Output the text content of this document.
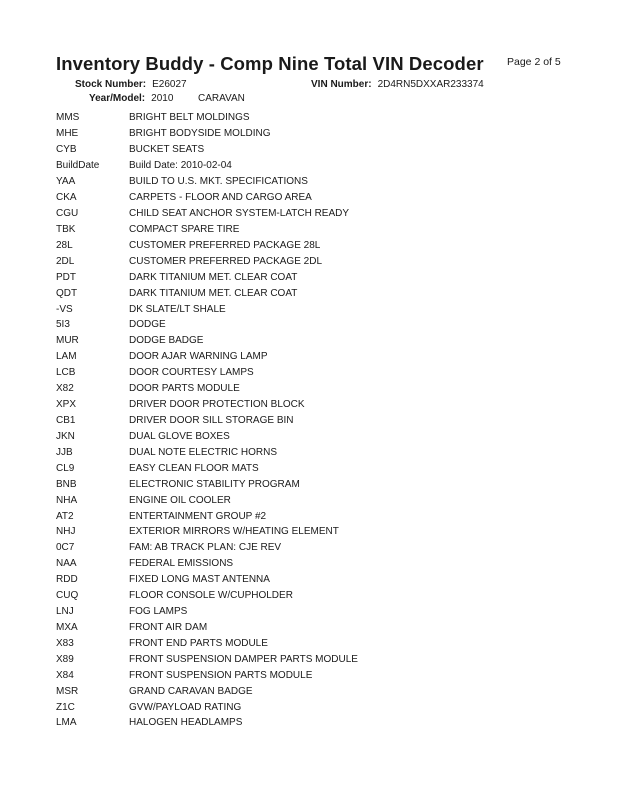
Inventory Buddy - Comp Nine Total VIN Decoder Page 2 of 5
Stock Number: E26027	VIN Number: 2D4RN5DXXAR233374
Year/Model: 2010 CARAVAN
MMS	BRIGHT BELT MOLDINGS
MHE	BRIGHT BODYSIDE MOLDING
CYB	BUCKET SEATS
BuildDate	Build Date: 2010-02-04
YAA	BUILD TO U.S. MKT. SPECIFICATIONS
CKA	CARPETS - FLOOR AND CARGO AREA
CGU	CHILD SEAT ANCHOR SYSTEM-LATCH READY
TBK	COMPACT SPARE TIRE
28L	CUSTOMER PREFERRED PACKAGE 28L
2DL	CUSTOMER PREFERRED PACKAGE 2DL
PDT	DARK TITANIUM MET. CLEAR COAT
QDT	DARK TITANIUM MET. CLEAR COAT
-VS	DK SLATE/LT SHALE
5I3	DODGE
MUR	DODGE BADGE
LAM	DOOR AJAR WARNING LAMP
LCB	DOOR COURTESY LAMPS
X82	DOOR PARTS MODULE
XPX	DRIVER DOOR PROTECTION BLOCK
CB1	DRIVER DOOR SILL STORAGE BIN
JKN	DUAL GLOVE BOXES
JJB	DUAL NOTE ELECTRIC HORNS
CL9	EASY CLEAN FLOOR MATS
BNB	ELECTRONIC STABILITY PROGRAM
NHA	ENGINE OIL COOLER
AT2	ENTERTAINMENT GROUP #2
NHJ	EXTERIOR MIRRORS W/HEATING ELEMENT
0C7	FAM: AB TRACK PLAN: CJE REV
NAA	FEDERAL EMISSIONS
RDD	FIXED LONG MAST ANTENNA
CUQ	FLOOR CONSOLE W/CUPHOLDER
LNJ	FOG LAMPS
MXA	FRONT AIR DAM
X83	FRONT END PARTS MODULE
X89	FRONT SUSPENSION DAMPER PARTS MODULE
X84	FRONT SUSPENSION PARTS MODULE
MSR	GRAND CARAVAN BADGE
Z1C	GVW/PAYLOAD RATING
LMA	HALOGEN HEADLAMPS
